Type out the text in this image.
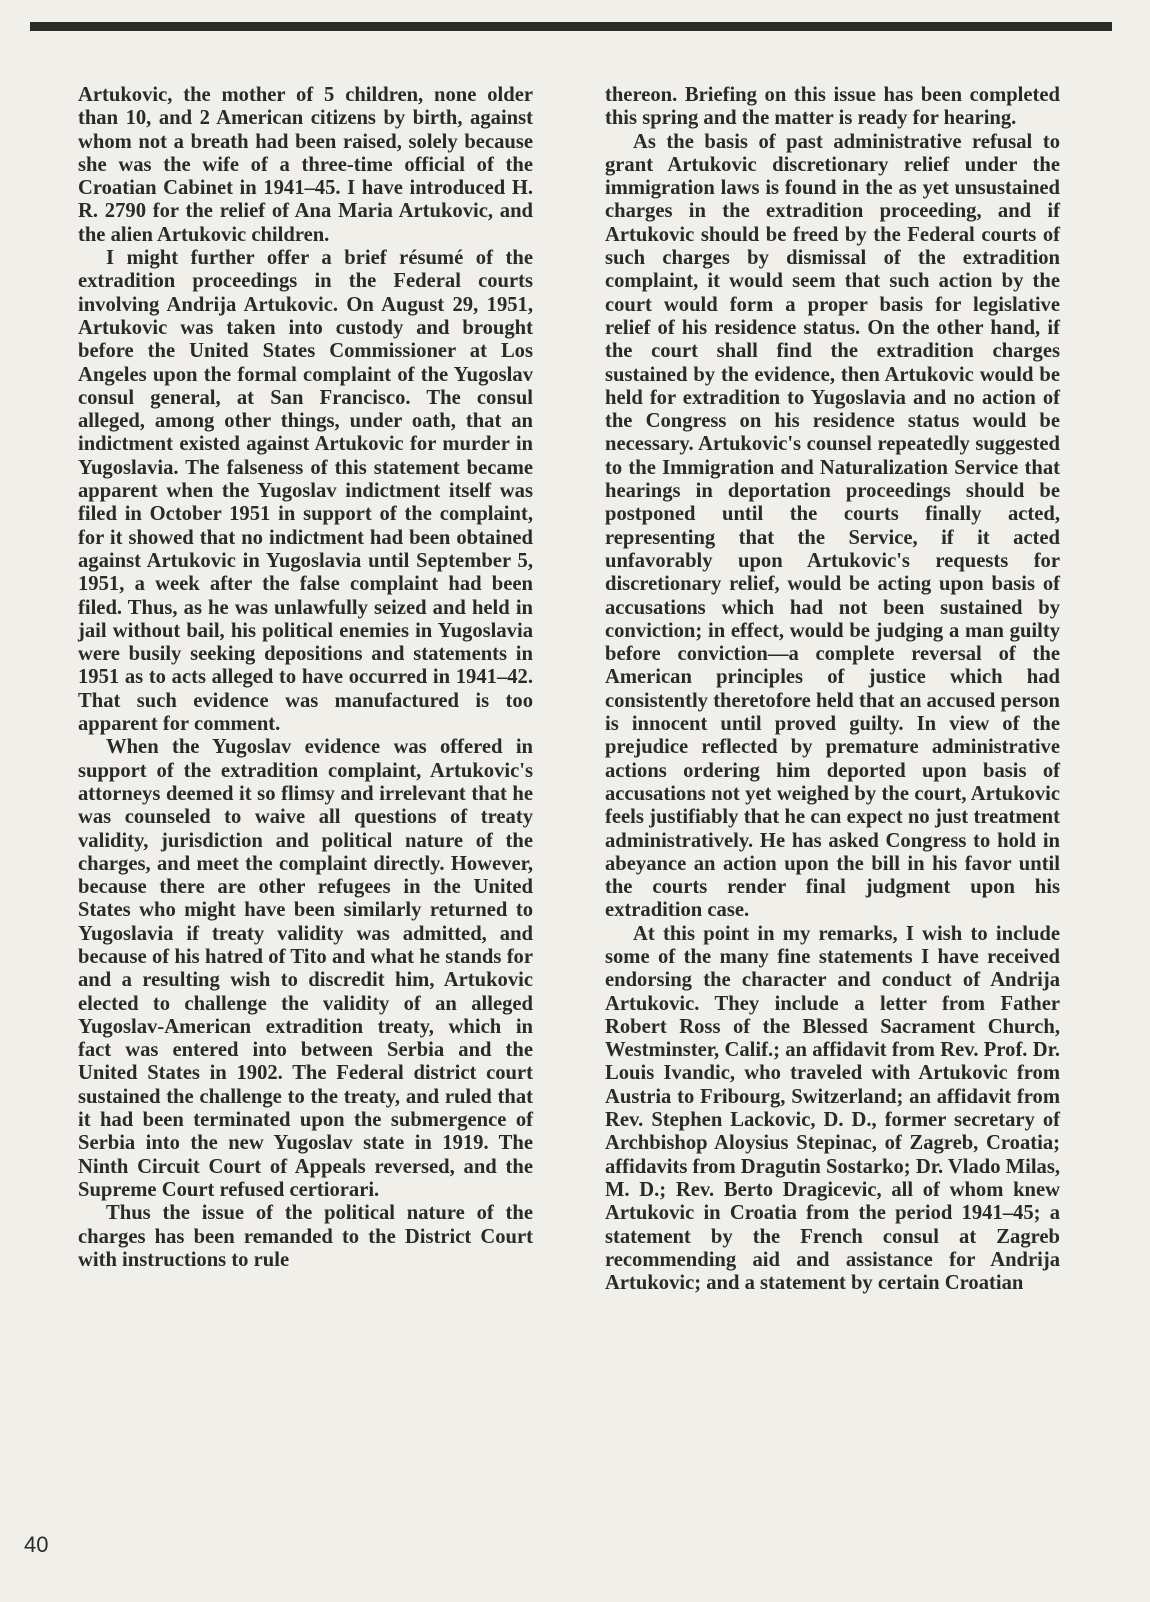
Artukovic, the mother of 5 children, none older than 10, and 2 American citizens by birth, against whom not a breath had been raised, solely because she was the wife of a three-time official of the Croatian Cabinet in 1941–45. I have introduced H. R. 2790 for the relief of Ana Maria Artukovic, and the alien Artukovic children.

I might further offer a brief résumé of the extradition proceedings in the Federal courts involving Andrija Artukovic. On August 29, 1951, Artukovic was taken into custody and brought before the United States Commissioner at Los Angeles upon the formal complaint of the Yugoslav consul general, at San Francisco. The consul alleged, among other things, under oath, that an indictment existed against Artukovic for murder in Yugoslavia. The falseness of this statement became apparent when the Yugoslav indictment itself was filed in October 1951 in support of the complaint, for it showed that no indictment had been obtained against Artukovic in Yugoslavia until September 5, 1951, a week after the false complaint had been filed. Thus, as he was unlawfully seized and held in jail without bail, his political enemies in Yugoslavia were busily seeking depositions and statements in 1951 as to acts alleged to have occurred in 1941–42. That such evidence was manufactured is too apparent for comment.

When the Yugoslav evidence was offered in support of the extradition complaint, Artukovic's attorneys deemed it so flimsy and irrelevant that he was counseled to waive all questions of treaty validity, jurisdiction and political nature of the charges, and meet the complaint directly. However, because there are other refugees in the United States who might have been similarly returned to Yugoslavia if treaty validity was admitted, and because of his hatred of Tito and what he stands for and a resulting wish to discredit him, Artukovic elected to challenge the validity of an alleged Yugoslav-American extradition treaty, which in fact was entered into between Serbia and the United States in 1902. The Federal district court sustained the challenge to the treaty, and ruled that it had been terminated upon the submergence of Serbia into the new Yugoslav state in 1919. The Ninth Circuit Court of Appeals reversed, and the Supreme Court refused certiorari.

Thus the issue of the political nature of the charges has been remanded to the District Court with instructions to rule

thereon. Briefing on this issue has been completed this spring and the matter is ready for hearing.

As the basis of past administrative refusal to grant Artukovic discretionary relief under the immigration laws is found in the as yet unsustained charges in the extradition proceeding, and if Artukovic should be freed by the Federal courts of such charges by dismissal of the extradition complaint, it would seem that such action by the court would form a proper basis for legislative relief of his residence status. On the other hand, if the court shall find the extradition charges sustained by the evidence, then Artukovic would be held for extradition to Yugoslavia and no action of the Congress on his residence status would be necessary. Artukovic's counsel repeatedly suggested to the Immigration and Naturalization Service that hearings in deportation proceedings should be postponed until the courts finally acted, representing that the Service, if it acted unfavorably upon Artukovic's requests for discretionary relief, would be acting upon basis of accusations which had not been sustained by conviction; in effect, would be judging a man guilty before conviction—a complete reversal of the American principles of justice which had consistently theretofore held that an accused person is innocent until proved guilty. In view of the prejudice reflected by premature administrative actions ordering him deported upon basis of accusations not yet weighed by the court, Artukovic feels justifiably that he can expect no just treatment administratively. He has asked Congress to hold in abeyance an action upon the bill in his favor until the courts render final judgment upon his extradition case.

At this point in my remarks, I wish to include some of the many fine statements I have received endorsing the character and conduct of Andrija Artukovic. They include a letter from Father Robert Ross of the Blessed Sacrament Church, Westminster, Calif.; an affidavit from Rev. Prof. Dr. Louis Ivandic, who traveled with Artukovic from Austria to Fribourg, Switzerland; an affidavit from Rev. Stephen Lackovic, D. D., former secretary of Archbishop Aloysius Stepinac, of Zagreb, Croatia; affidavits from Dragutin Sostarko; Dr. Vlado Milas, M. D.; Rev. Berto Dragicevic, all of whom knew Artukovic in Croatia from the period 1941–45; a statement by the French consul at Zagreb recommending aid and assistance for Andrija Artukovic; and a statement by certain Croatian

40
